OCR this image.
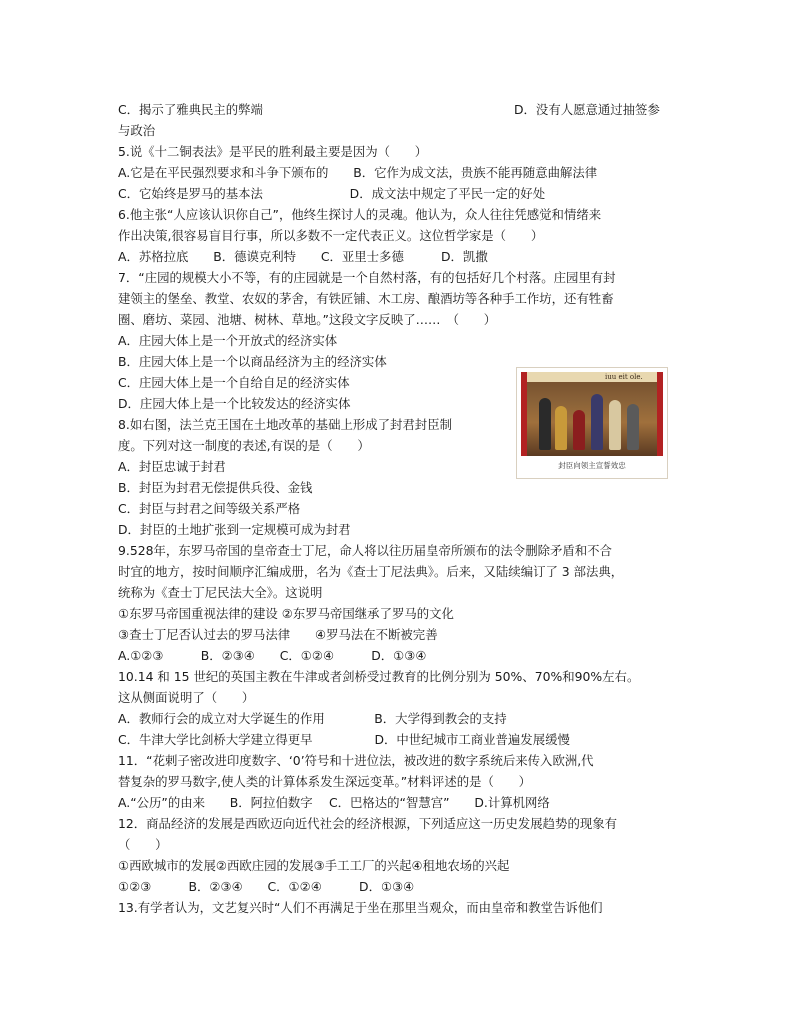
C．揭示了雅典民主的弊端	D．没有人愿意通过抽签参
与政治
5.说《十二铜表法》是平民的胜利最主要是因为（　　）
A.它是在平民强烈要求和斗争下颁布的　　B．它作为成文法，贵族不能再随意曲解法律
C．它始终是罗马的基本法　　　　　　　D．成文法中规定了平民一定的好处
6.他主张“人应该认识你自己”，他终生探讨人的灵魂。他认为，众人往往凭感觉和情绪来
作出决策,很容易盲目行事，所以多数不一定代表正义。这位哲学家是（　　）
A．苏格拉底　　B．德谟克利特　　C．亚里士多德　　　D．凯撒
7．“庄园的规模大小不等，有的庄园就是一个自然村落，有的包括好几个村落。庄园里有封
建领主的堡垒、教堂、农奴的茅舍，有铁匠铺、木工房、酿酒坊等各种手工作坊，还有牲畜
圈、磨坊、菜园、池塘、树林、草地。”这段文字反映了……　（　　）
A．庄园大体上是一个开放式的经济实体
B．庄园大体上是一个以商品经济为主的经济实体
C．庄园大体上是一个自给自足的经济实体
D．庄园大体上是一个比较发达的经济实体
8.如右图，法兰克王国在土地改革的基础上形成了封君封臣制
度。下列对这一制度的表述,有误的是（　　）
A．封臣忠诚于封君
B．封臣为封君无偿提供兵役、金钱
C．封臣与封君之间等级关系严格
D．封臣的土地扩张到一定规模可成为封君
9.528年，东罗马帝国的皇帝查士丁尼，命人将以往历届皇帝所颁布的法令删除矛盾和不合
时宜的地方，按时间顺序汇编成册，名为《查士丁尼法典》。后来，又陆续编订了 3 部法典，
统称为《查士丁尼民法大全》。这说明
①东罗马帝国重视法律的建设 ②东罗马帝国继承了罗马的文化
③查士丁尼否认过去的罗马法律　　④罗马法在不断被完善
A.①②③　　　B．②③④　　C．①②④　　　D．①③④
10.14 和 15 世纪的英国主教在牛津或者剑桥受过教育的比例分别为 50%、70%和90%左右。
这从侧面说明了（　　）
A．教师行会的成立对大学诞生的作用　　　　B．大学得到教会的支持
C．牛津大学比剑桥大学建立得更早　　　　　D．中世纪城市工商业普遍发展缓慢
11．“花剌子密改进印度数字、‘0’符号和十进位法，被改进的数字系统后来传入欧洲,代
替复杂的罗马数字,使人类的计算体系发生深远变革。”材料评述的是（　　）
A.“公历”的由来　　B．阿拉伯数字　 C．巴格达的“智慧宫”　　D.计算机网络
12．商品经济的发展是西欧迈向近代社会的经济根源，下列适应这一历史发展趋势的现象有
（　　）
①西欧城市的发展②西欧庄园的发展③手工工厂的兴起④租地农场的兴起
①②③　　　B．②③④　　C．①②④　　　D．①③④
13.有学者认为，文艺复兴时“人们不再满足于坐在那里当观众，而由皇帝和教堂告诉他们
iuu eit ole.
封臣向领主宣誓效忠
